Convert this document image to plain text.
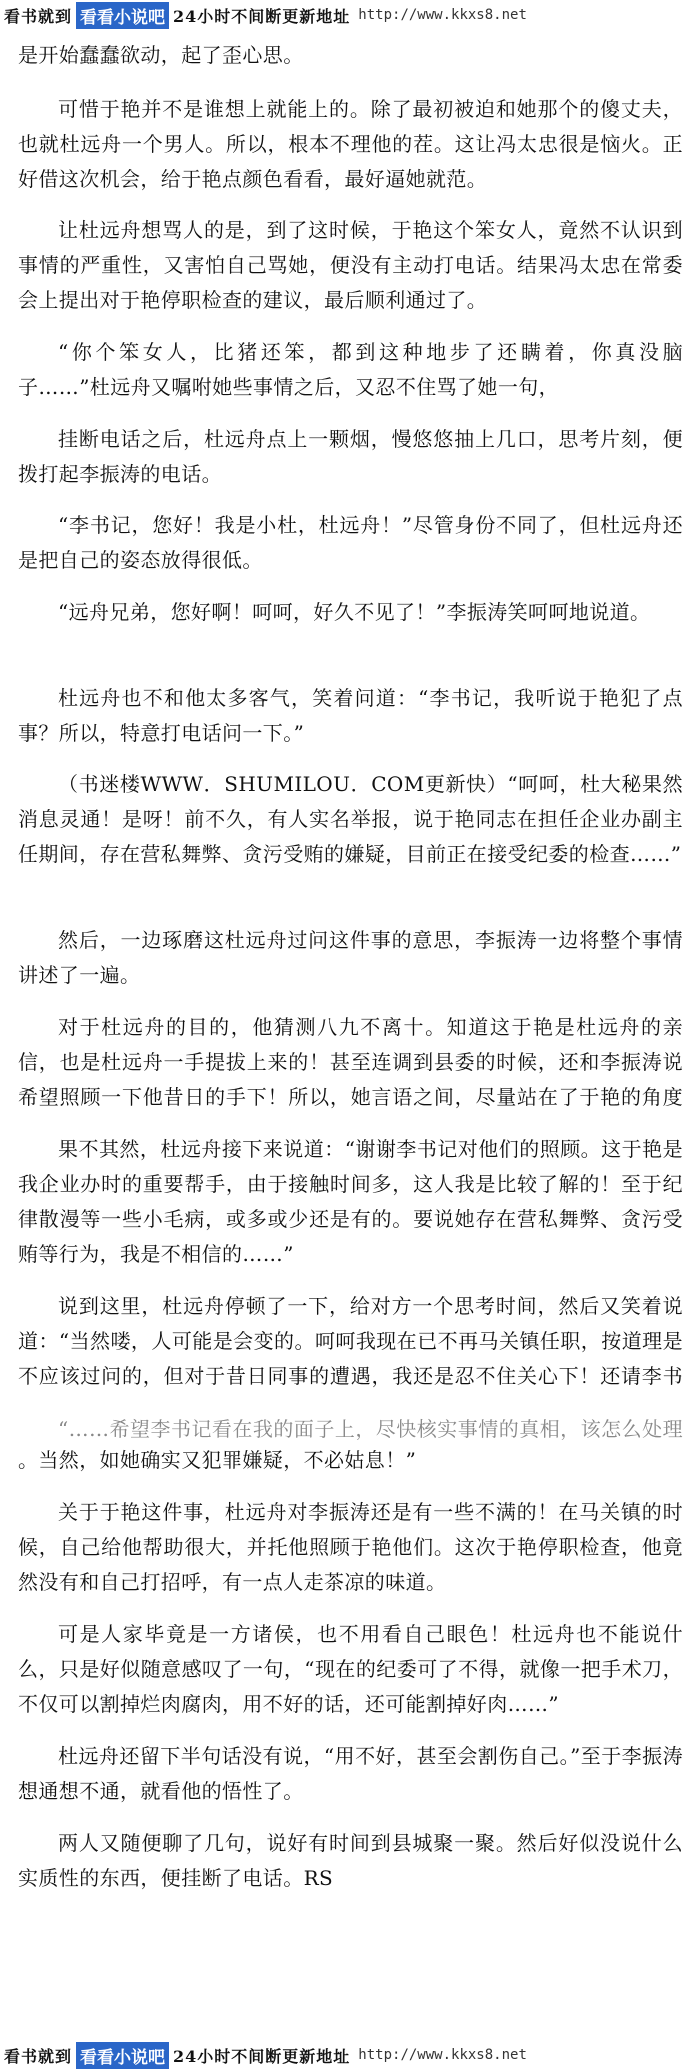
看书就到 看看小说吧 24小时不间断更新地址 http://www.kkxs8.net

是开始蠢蠢欲动，起了歪心思。

可惜于艳并不是谁想上就能上的。除了最初被迫和她那个的傻丈夫，也就杜远舟一个男人。所以，根本不理他的茬。这让冯太忠很是恼火。正好借这次机会，给于艳点颜色看看，最好逼她就范。

让杜远舟想骂人的是，到了这时候，于艳这个笨女人，竟然不认识到事情的严重性，又害怕自己骂她，便没有主动打电话。结果冯太忠在常委会上提出对于艳停职检查的建议，最后顺利通过了。

“你个笨女人，比猪还笨，都到这种地步了还瞒着，你真没脑子……”杜远舟又嘱咐她些事情之后，又忍不住骂了她一句，

挂断电话之后，杜远舟点上一颗烟，慢悠悠抽上几口，思考片刻，便拨打起李振涛的电话。

“李书记，您好！我是小杜，杜远舟！”尽管身份不同了，但杜远舟还是把自己的姿态放得很低。

“远舟兄弟，您好啊！呵呵，好久不见了！”李振涛笑呵呵地说道。

杜远舟也不和他太多客气，笑着问道：“李书记，我听说于艳犯了点事？所以，特意打电话问一下。”

（书迷楼WWW．SHUMILOU．COM更新快）“呵呵，杜大秘果然消息灵通！是呀！前不久，有人实名举报，说于艳同志在担任企业办副主任期间，存在营私舞弊、贪污受贿的嫌疑，目前正在接受纪委的检查……”

然后，一边琢磨这杜远舟过问这件事的意思，李振涛一边将整个事情讲述了一遍。

对于杜远舟的目的，他猜测八九不离十。知道这于艳是杜远舟的亲信，也是杜远舟一手提拔上来的！甚至连调到县委的时候，还和李振涛说希望照顾一下他昔日的手下！所以，她言语之间，尽量站在了于艳的角度

果不其然，杜远舟接下来说道：“谢谢李书记对他们的照顾。这于艳是我企业办时的重要帮手，由于接触时间多，这人我是比较了解的！至于纪律散漫等一些小毛病，或多或少还是有的。要说她存在营私舞弊、贪污受贿等行为，我是不相信的……”

说到这里，杜远舟停顿了一下，给对方一个思考时间，然后又笑着说道：“当然喽，人可能是会变的。呵呵我现在已不再马关镇任职，按道理是不应该过问的，但对于昔日同事的遭遇，我还是忍不住关心下！还请李书

“……希望李书记看在我的面子上，尽快核实事情的真相，该怎么处理

。当然，如她确实又犯罪嫌疑，不必姑息！”

关于于艳这件事，杜远舟对李振涛还是有一些不满的！在马关镇的时候，自己给他帮助很大，并托他照顾于艳他们。这次于艳停职检查，他竟然没有和自己打招呼，有一点人走茶凉的味道。

可是人家毕竟是一方诸侯，也不用看自己眼色！杜远舟也不能说什么，只是好似随意感叹了一句，“现在的纪委可了不得，就像一把手术刀，不仅可以割掉烂肉腐肉，用不好的话，还可能割掉好肉……”

杜远舟还留下半句话没有说，“用不好，甚至会割伤自己。”至于李振涛想通想不通，就看他的悟性了。

两人又随便聊了几句，说好有时间到县城聚一聚。然后好似没说什么实质性的东西，便挂断了电话。RS

看书就到 看看小说吧 24小时不间断更新地址 http://www.kkxs8.net
